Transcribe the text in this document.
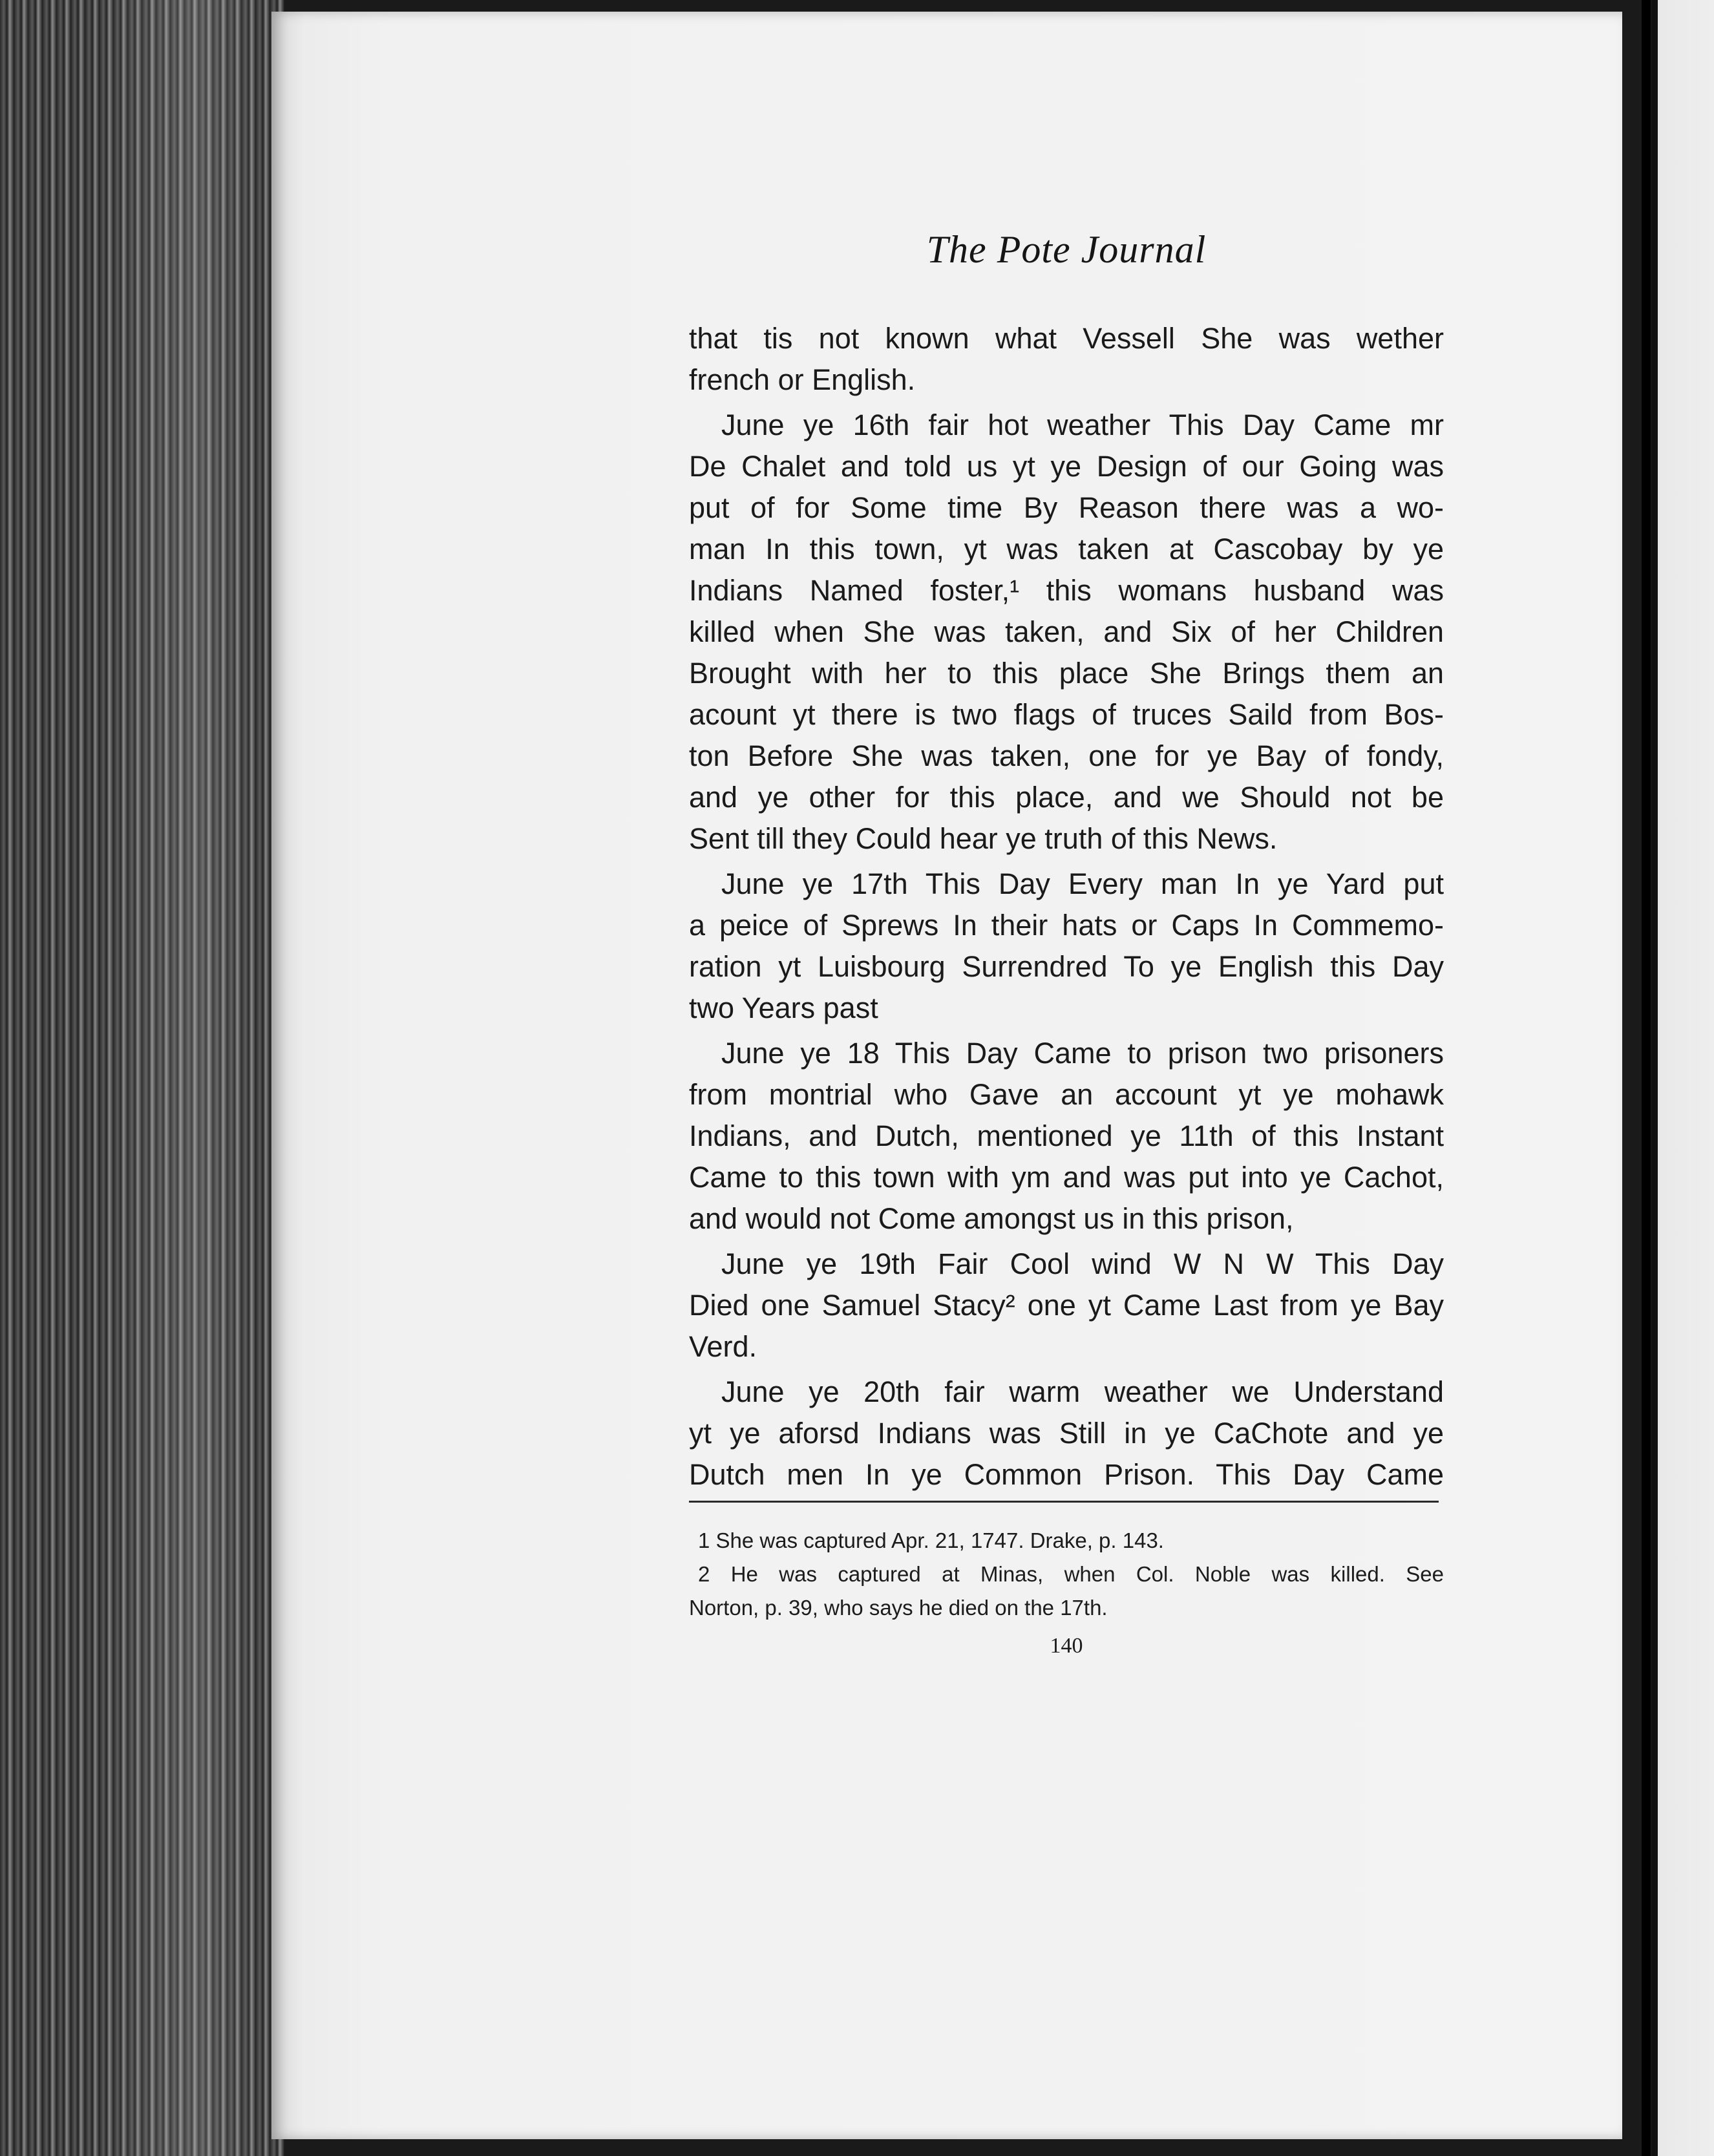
The Pote Journal
that tis not known what Vessell She was wether
french or English.
June ye 16th fair hot weather This Day Came mr
De Chalet and told us yt ye Design of our Going was
put of for Some time By Reason there was a wo-
man In this town, yt was taken at Cascobay by ye
Indians Named foster,¹ this womans husband was
killed when She was taken, and Six of her Children
Brought with her to this place She Brings them an
acount yt there is two flags of truces Saild from Bos-
ton Before She was taken, one for ye Bay of fondy,
and ye other for this place, and we Should not be
Sent till they Could hear ye truth of this News.
June ye 17th This Day Every man In ye Yard put
a peice of Sprews In their hats or Caps In Commemo-
ration yt Luisbourg Surrendred To ye English this Day
two Years past
June ye 18 This Day Came to prison two prisoners
from montrial who Gave an account yt ye mohawk
Indians, and Dutch, mentioned ye 11th of this Instant
Came to this town with ym and was put into ye Cachot,
and would not Come amongst us in this prison,
June ye 19th Fair Cool wind W N W This Day
Died one Samuel Stacy² one yt Came Last from ye Bay
Verd.
June ye 20th fair warm weather we Understand
yt ye aforsd Indians was Still in ye CaChote and ye
Dutch men In ye Common Prison. This Day Came
1 She was captured Apr. 21, 1747. Drake, p. 143.
2 He was captured at Minas, when Col. Noble was killed. See
Norton, p. 39, who says he died on the 17th.
140
